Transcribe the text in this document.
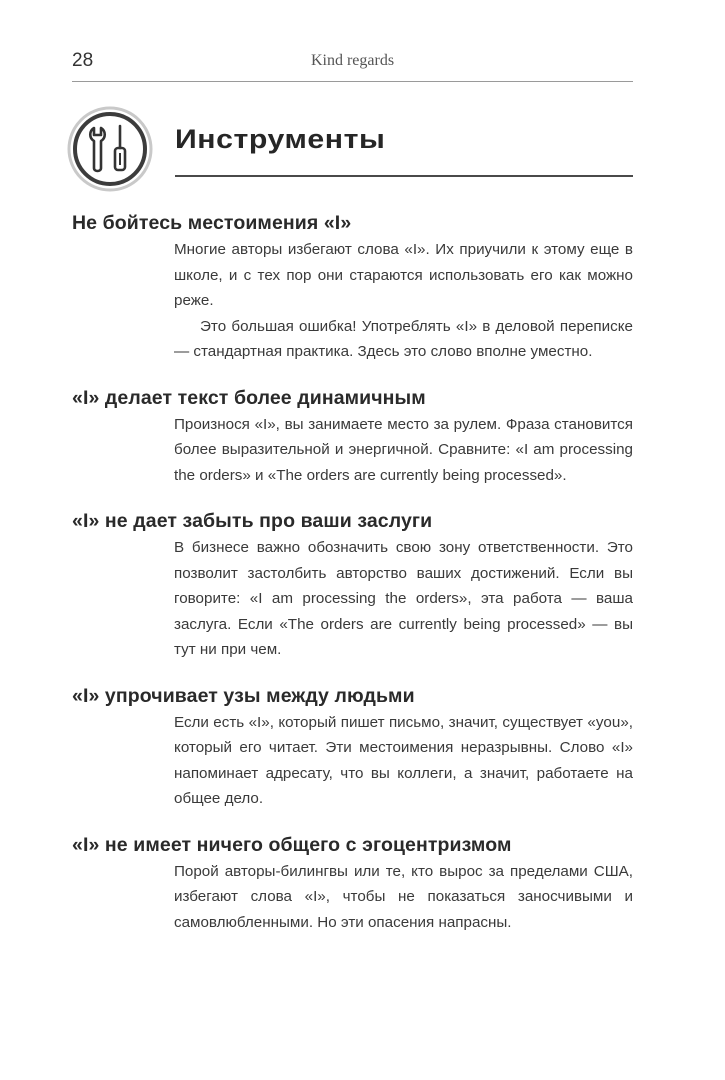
28	Kind regards
Инструменты
Не бойтесь местоимения «I»

Многие авторы избегают слова «I». Их приучили к этому еще в школе, и с тех пор они стараются использовать его как можно реже.

Это большая ошибка! Употреблять «I» в деловой переписке — стандартная практика. Здесь это слово вполне уместно.

«I» делает текст более динамичным

Произнося «I», вы занимаете место за рулем. Фраза становится более выразительной и энергичной. Сравните: «I am processing the orders» и «The orders are currently being processed».

«I» не дает забыть про ваши заслуги

В бизнесе важно обозначить свою зону ответственности. Это позволит застолбить авторство ваших достижений. Если вы говорите: «I am processing the orders», эта работа — ваша заслуга. Если «The orders are currently being processed» — вы тут ни при чем.

«I» упрочивает узы между людьми

Если есть «I», который пишет письмо, значит, существует «you», который его читает. Эти местоимения неразрывны. Слово «I» напоминает адресату, что вы коллеги, а значит, работаете на общее дело.

«I» не имеет ничего общего с эгоцентризмом

Порой авторы-билингвы или те, кто вырос за пределами США, избегают слова «I», чтобы не показаться заносчивыми и самовлюбленными. Но эти опасения напрасны.
